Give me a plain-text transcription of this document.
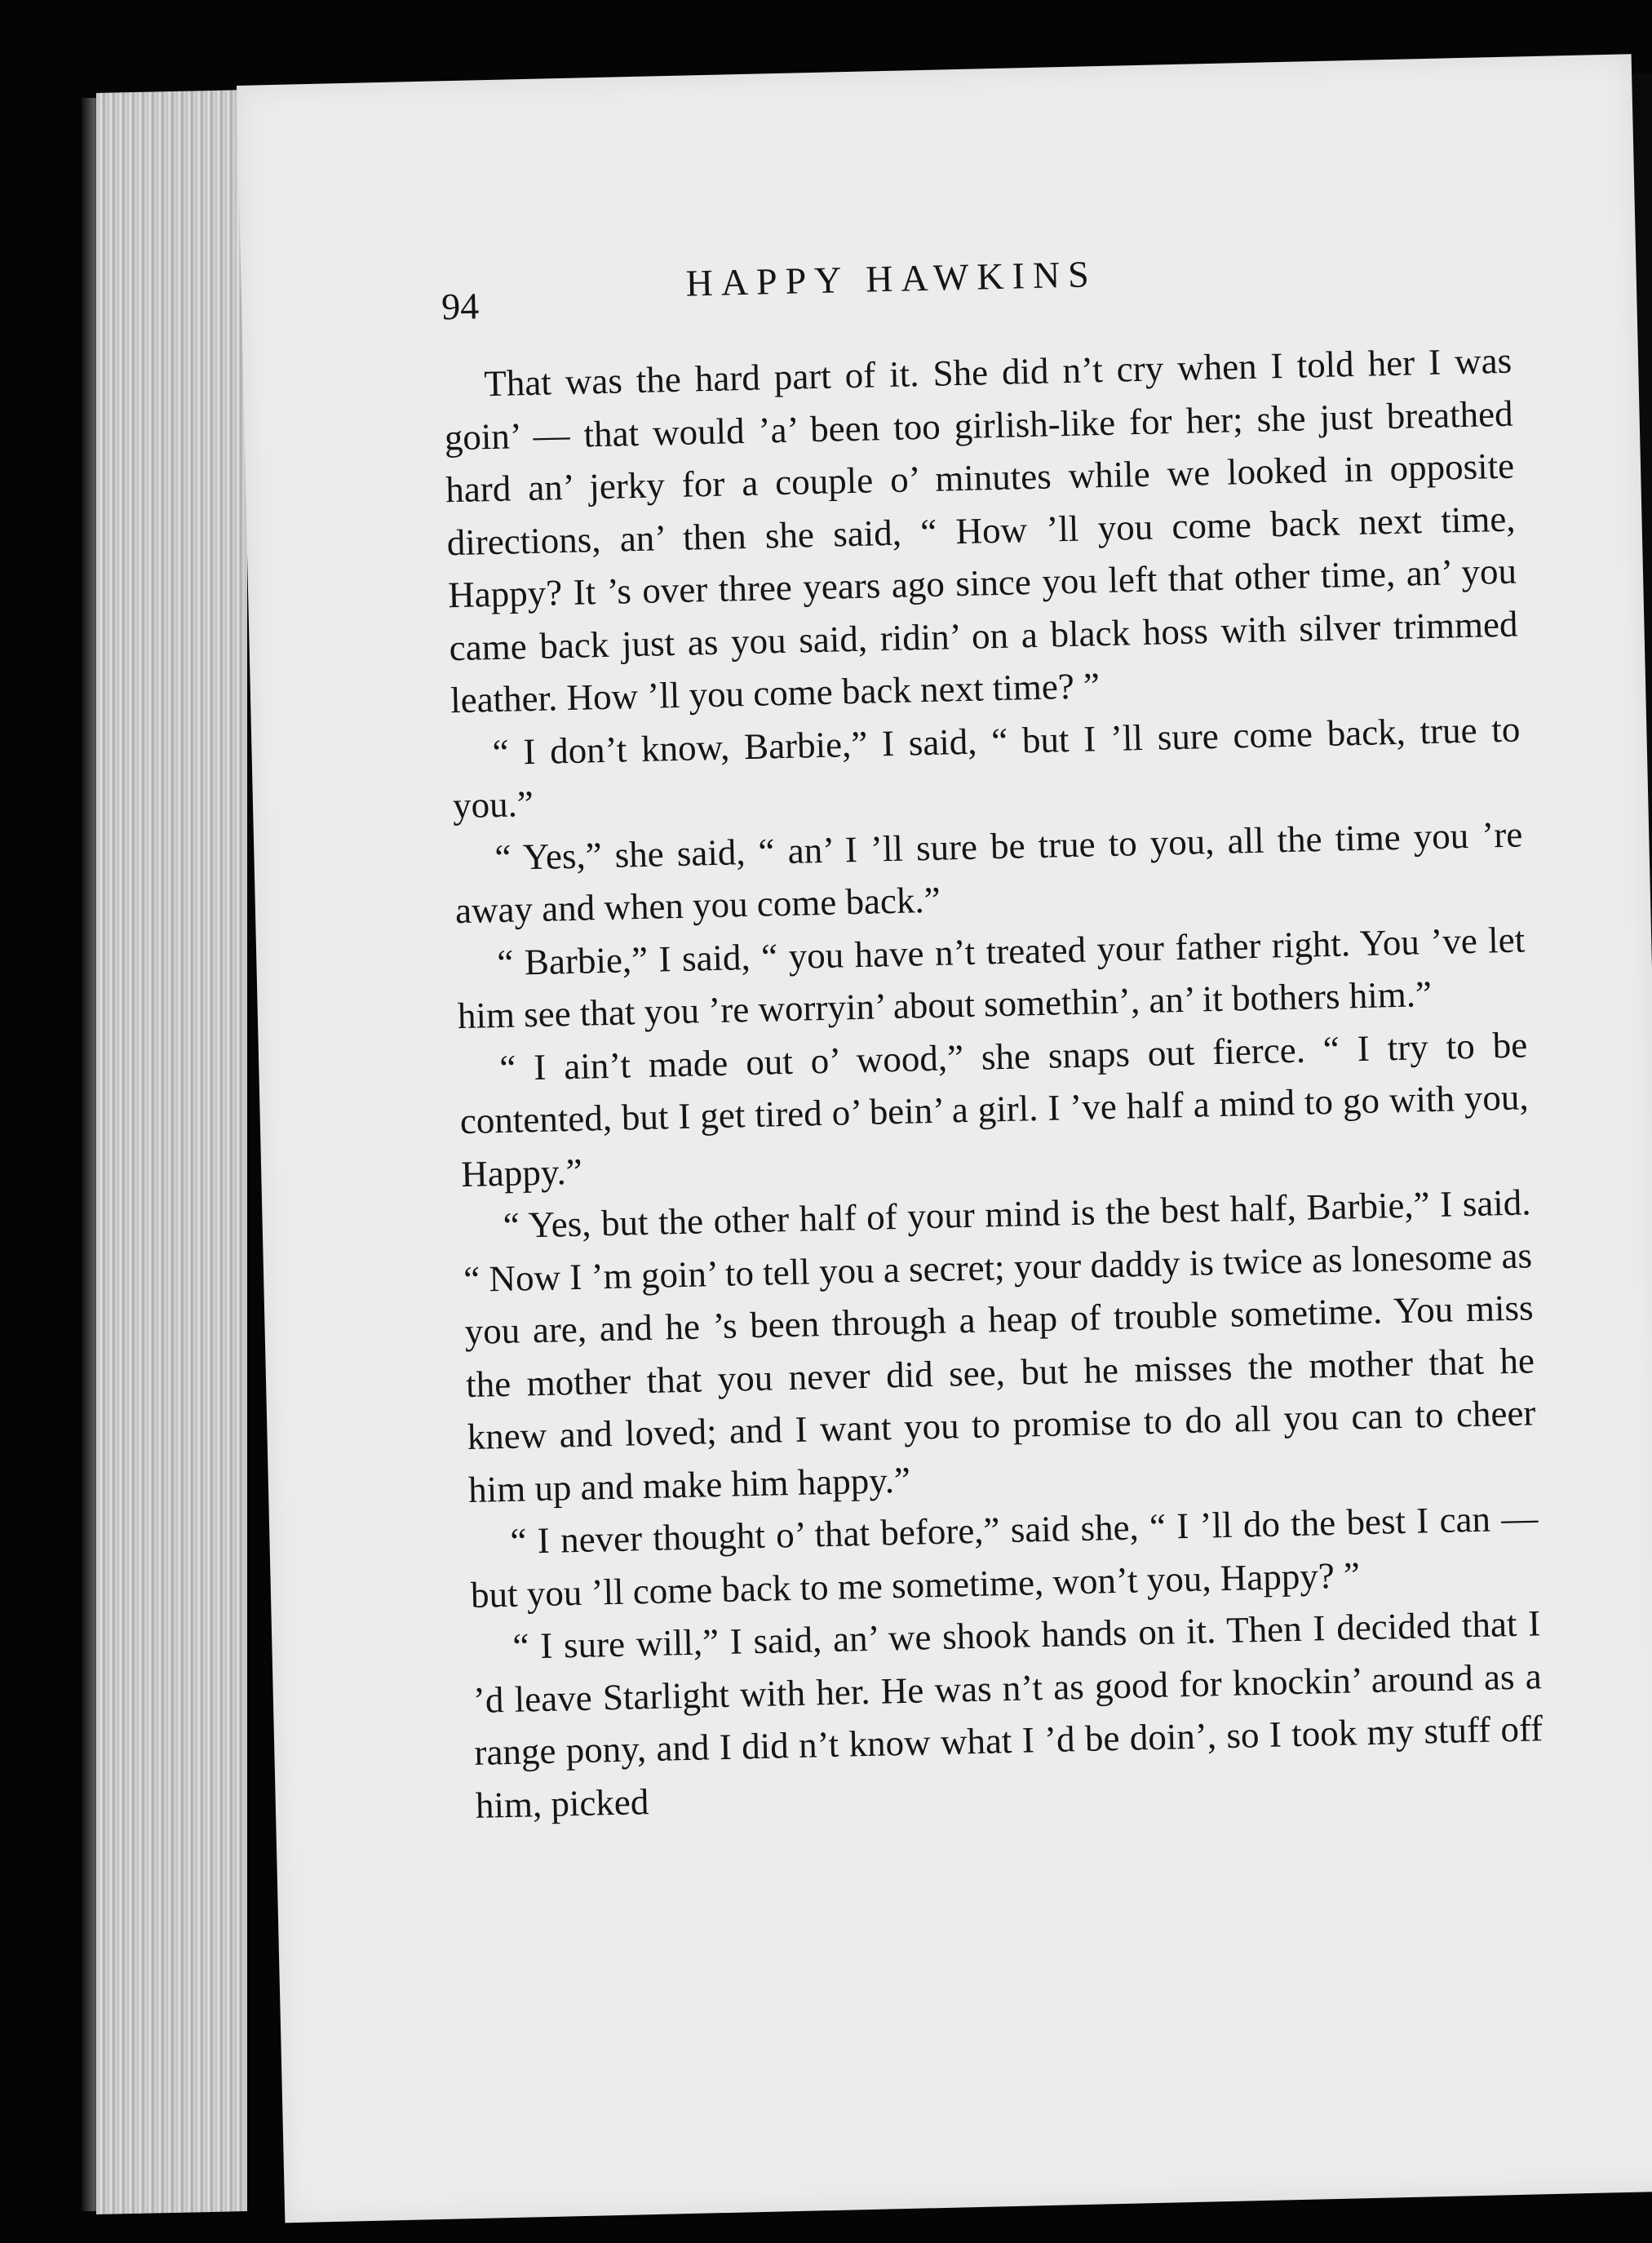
94
HAPPY HAWKINS

That was the hard part of it. She did n’t cry when I told her I was goin’ — that would ’a’ been too girlish-like for her; she just breathed hard an’ jerky for a couple o’ minutes while we looked in opposite directions, an’ then she said, “ How ’ll you come back next time, Happy? It ’s over three years ago since you left that other time, an’ you came back just as you said, ridin’ on a black hoss with silver trimmed leather. How ’ll you come back next time? ”

“ I don’t know, Barbie,” I said, “ but I ’ll sure come back, true to you.”

“ Yes,” she said, “ an’ I ’ll sure be true to you, all the time you ’re away and when you come back.”

“ Barbie,” I said, “ you have n’t treated your father right. You ’ve let him see that you ’re worryin’ about somethin’, an’ it bothers him.”

“ I ain’t made out o’ wood,” she snaps out fierce. “ I try to be contented, but I get tired o’ bein’ a girl. I ’ve half a mind to go with you, Happy.”

“ Yes, but the other half of your mind is the best half, Barbie,” I said. “ Now I ’m goin’ to tell you a secret; your daddy is twice as lonesome as you are, and he ’s been through a heap of trouble sometime. You miss the mother that you never did see, but he misses the mother that he knew and loved; and I want you to promise to do all you can to cheer him up and make him happy.”

“ I never thought o’ that before,” said she, “ I ’ll do the best I can — but you ’ll come back to me sometime, won’t you, Happy? ”

“ I sure will,” I said, an’ we shook hands on it. Then I decided that I ’d leave Starlight with her. He was n’t as good for knockin’ around as a range pony, and I did n’t know what I ’d be doin’, so I took my stuff off him, picked
